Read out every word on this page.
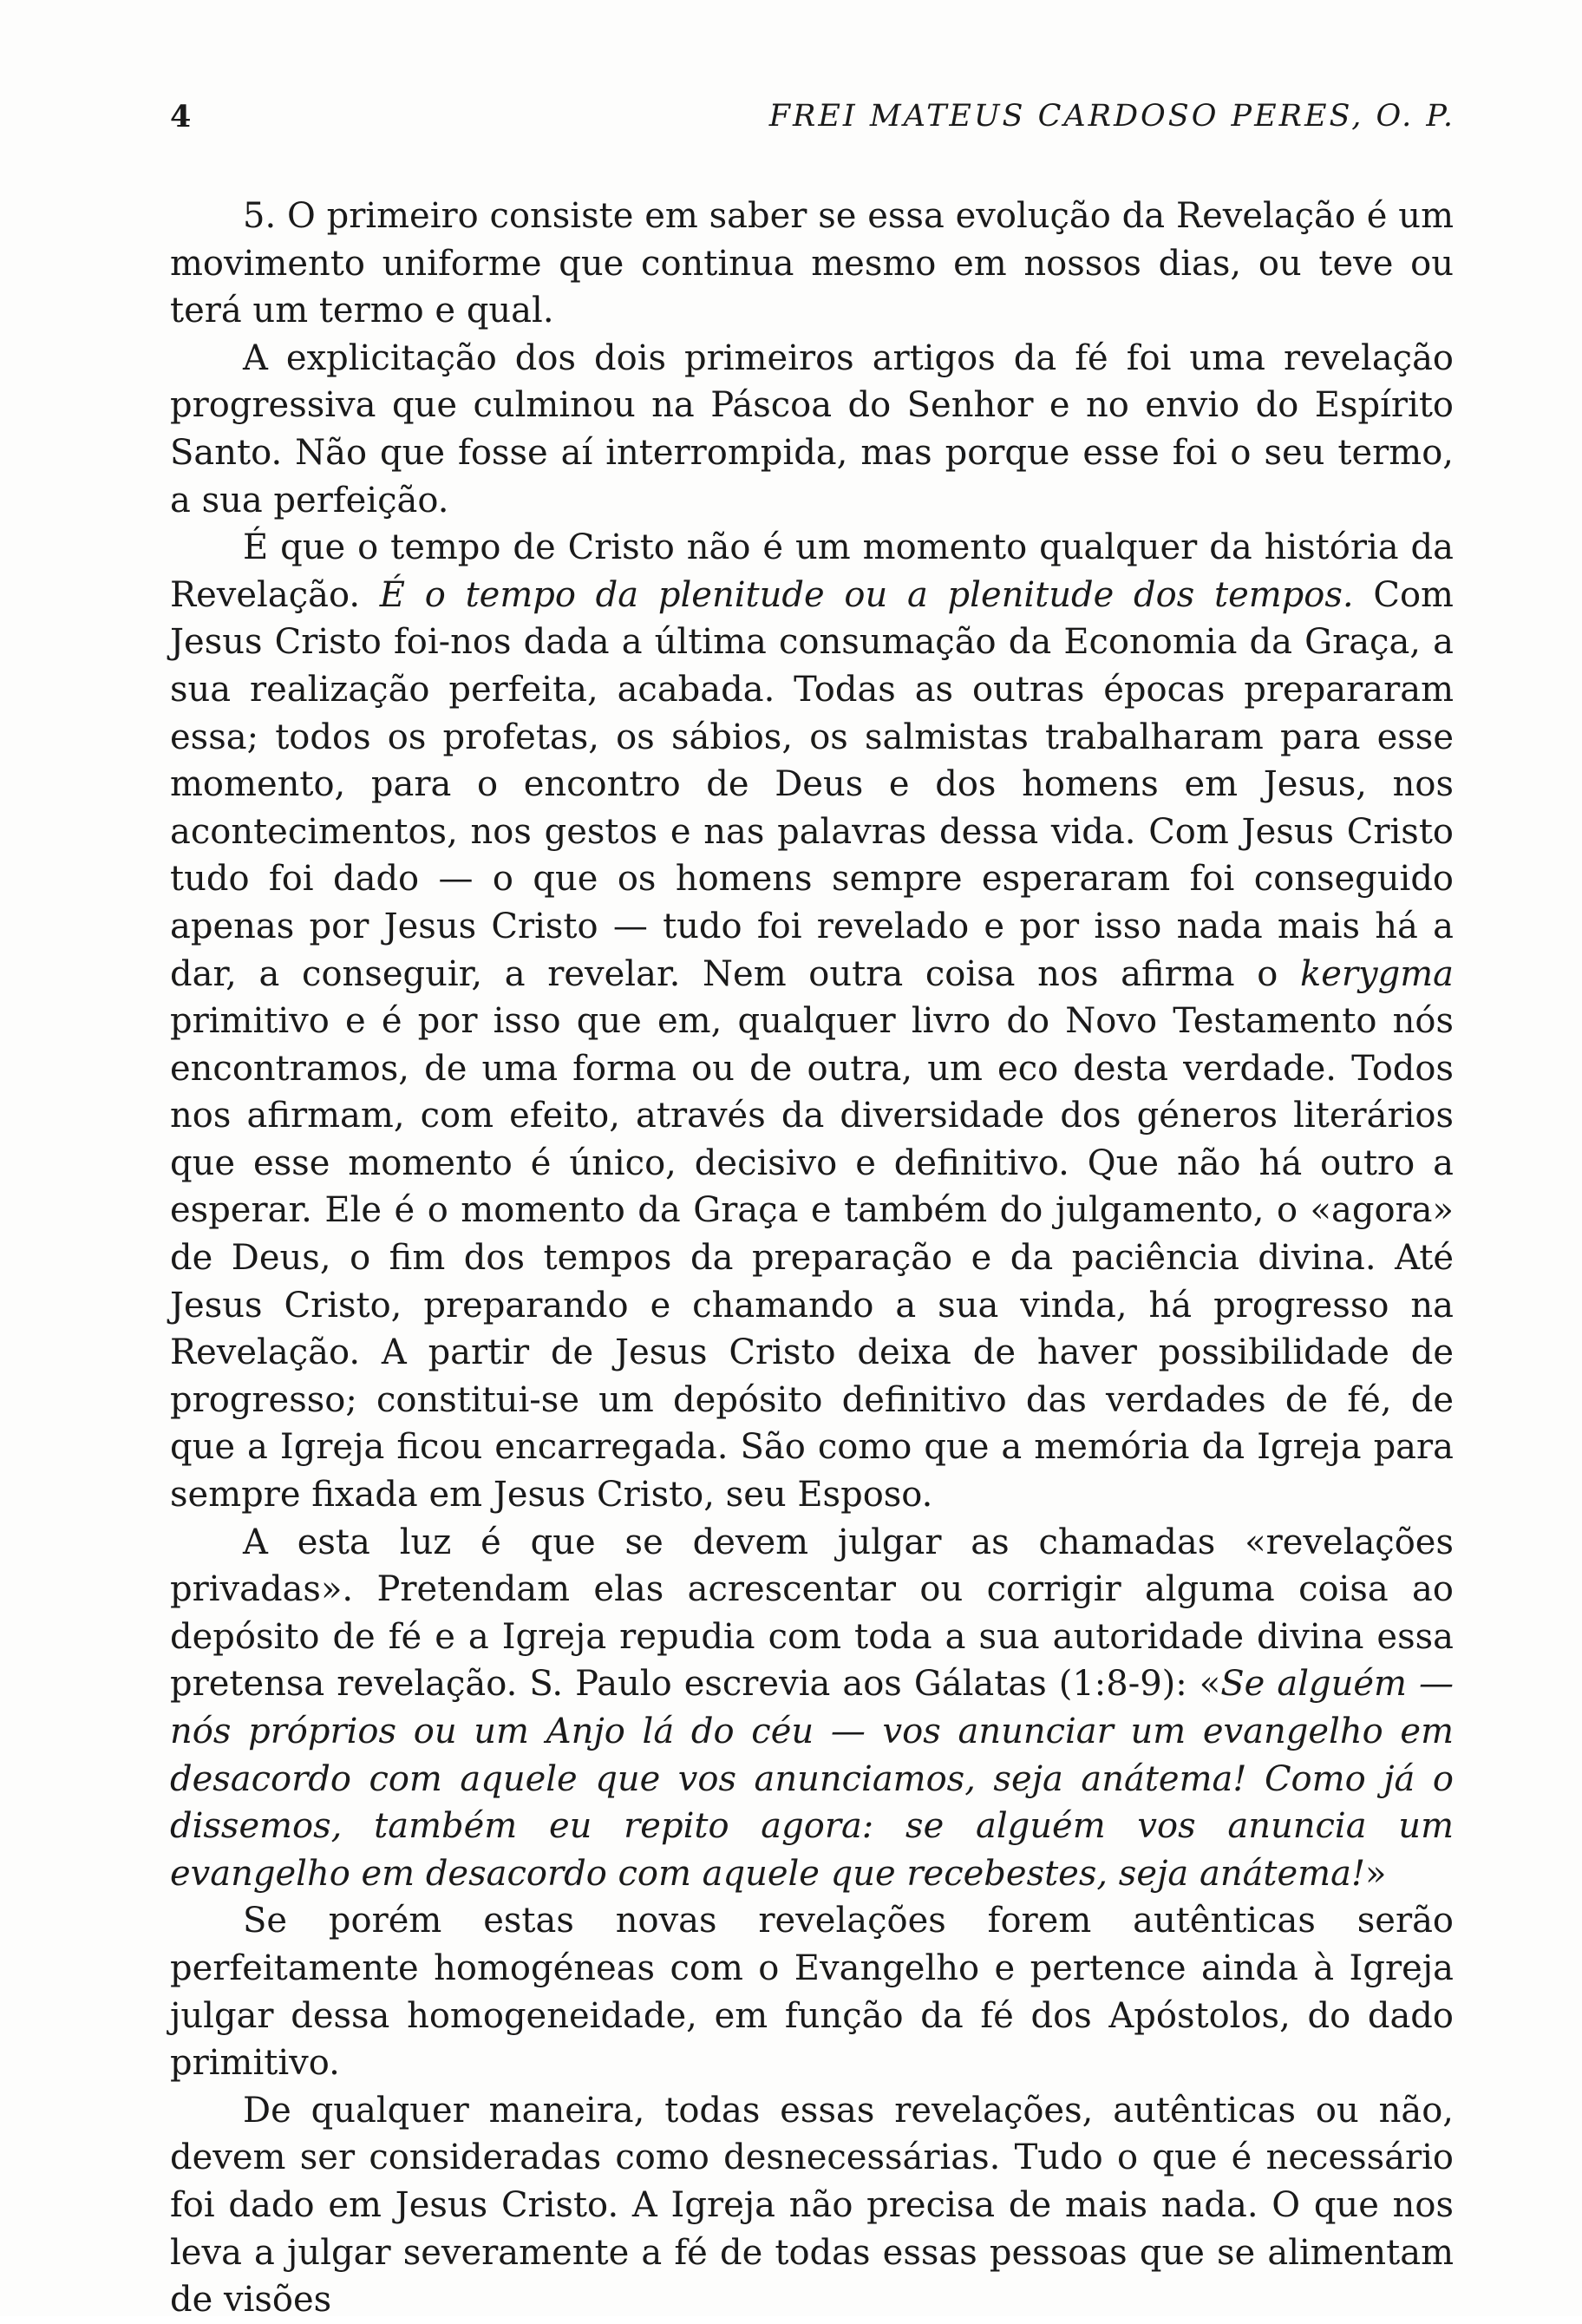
4	FREI MATEUS CARDOSO PERES, O. P.

5. O primeiro consiste em saber se essa evolução da Revelação é um movimento uniforme que continua mesmo em nossos dias, ou teve ou terá um termo e qual.

A explicitação dos dois primeiros artigos da fé foi uma revelação progressiva que culminou na Páscoa do Senhor e no envio do Espírito Santo. Não que fosse aí interrompida, mas porque esse foi o seu termo, a sua perfeição.

É que o tempo de Cristo não é um momento qualquer da história da Revelação. É o tempo da plenitude ou a plenitude dos tempos. Com Jesus Cristo foi-nos dada a última consumação da Economia da Graça, a sua realização perfeita, acabada. Todas as outras épocas prepararam essa; todos os profetas, os sábios, os salmistas trabalharam para esse momento, para o encontro de Deus e dos homens em Jesus, nos acontecimentos, nos gestos e nas palavras dessa vida. Com Jesus Cristo tudo foi dado — o que os homens sempre esperaram foi conseguido apenas por Jesus Cristo — tudo foi revelado e por isso nada mais há a dar, a conseguir, a revelar. Nem outra coisa nos afirma o kerygma primitivo e é por isso que em, qualquer livro do Novo Testamento nós encontramos, de uma forma ou de outra, um eco desta verdade. Todos nos afirmam, com efeito, através da diversidade dos géneros literários que esse momento é único, decisivo e definitivo. Que não há outro a esperar. Ele é o momento da Graça e também do julgamento, o «agora» de Deus, o fim dos tempos da preparação e da paciência divina. Até Jesus Cristo, preparando e chamando a sua vinda, há progresso na Revelação. A partir de Jesus Cristo deixa de haver possibilidade de progresso; constitui-se um depósito definitivo das verdades de fé, de que a Igreja ficou encarregada. São como que a memória da Igreja para sempre fixada em Jesus Cristo, seu Esposo.

A esta luz é que se devem julgar as chamadas «revelações privadas». Pretendam elas acrescentar ou corrigir alguma coisa ao depósito de fé e a Igreja repudia com toda a sua autoridade divina essa pretensa revelação. S. Paulo escrevia aos Gálatas (1:8-9): «Se alguém — nós próprios ou um Anjo lá do céu — vos anunciar um evangelho em desacordo com aquele que vos anunciamos, seja anátema! Como já o dissemos, também eu repito agora: se alguém vos anuncia um evangelho em desacordo com aquele que recebestes, seja anátema!»

Se porém estas novas revelações forem autênticas serão perfeitamente homogéneas com o Evangelho e pertence ainda à Igreja julgar dessa homogeneidade, em função da fé dos Apóstolos, do dado primitivo.

De qualquer maneira, todas essas revelações, autênticas ou não, devem ser consideradas como desnecessárias. Tudo o que é necessário foi dado em Jesus Cristo. A Igreja não precisa de mais nada. O que nos leva a julgar severamente a fé de todas essas pessoas que se alimentam de visões
